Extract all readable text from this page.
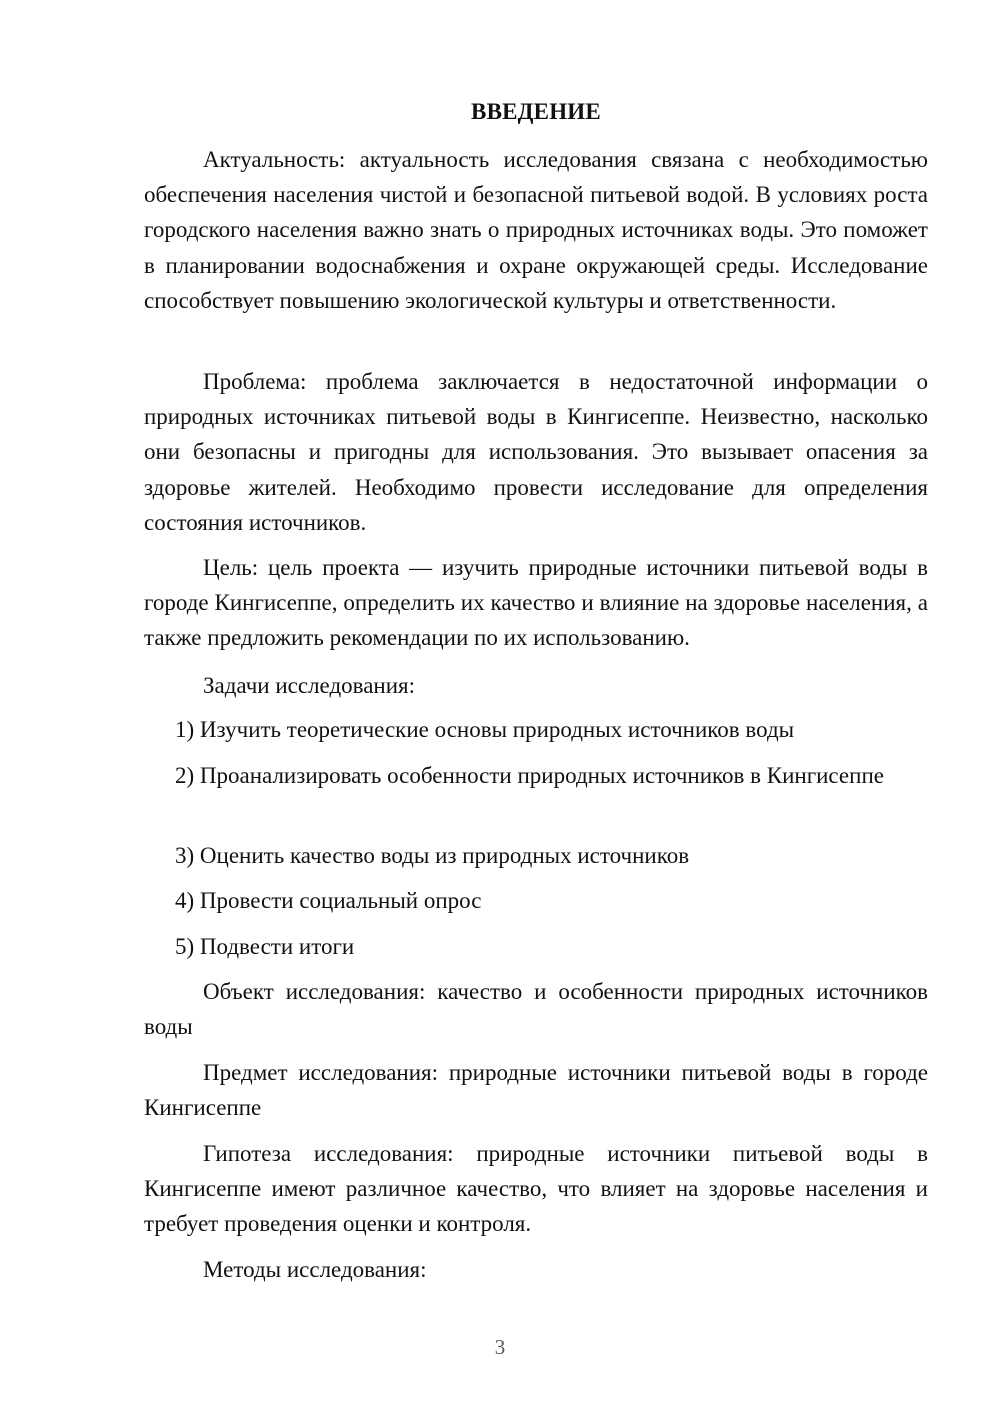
ВВЕДЕНИЕ

Актуальность: актуальность исследования связана с необходимостью обеспечения населения чистой и безопасной питьевой водой. В условиях роста городского населения важно знать о природных источниках воды. Это поможет в планировании водоснабжения и охране окружающей среды. Исследование способствует повышению экологической культуры и ответственности.

Проблема: проблема заключается в недостаточной информации о природных источниках питьевой воды в Кингисеппе. Неизвестно, насколько они безопасны и пригодны для использования. Это вызывает опасения за здоровье жителей. Необходимо провести исследование для определения состояния источников.

Цель: цель проекта — изучить природные источники питьевой воды в городе Кингисеппе, определить их качество и влияние на здоровье населения, а также предложить рекомендации по их использованию.

Задачи исследования:

1) Изучить теоретические основы природных источников воды

2) Проанализировать особенности природных источников в Кингисеппе

3) Оценить качество воды из природных источников

4) Провести социальный опрос

5) Подвести итоги

Объект исследования: качество и особенности природных источников воды

Предмет исследования: природные источники питьевой воды в городе Кингисеппе

Гипотеза исследования: природные источники питьевой воды в Кингисеппе имеют различное качество, что влияет на здоровье населения и требует проведения оценки и контроля.

Методы исследования:

3
